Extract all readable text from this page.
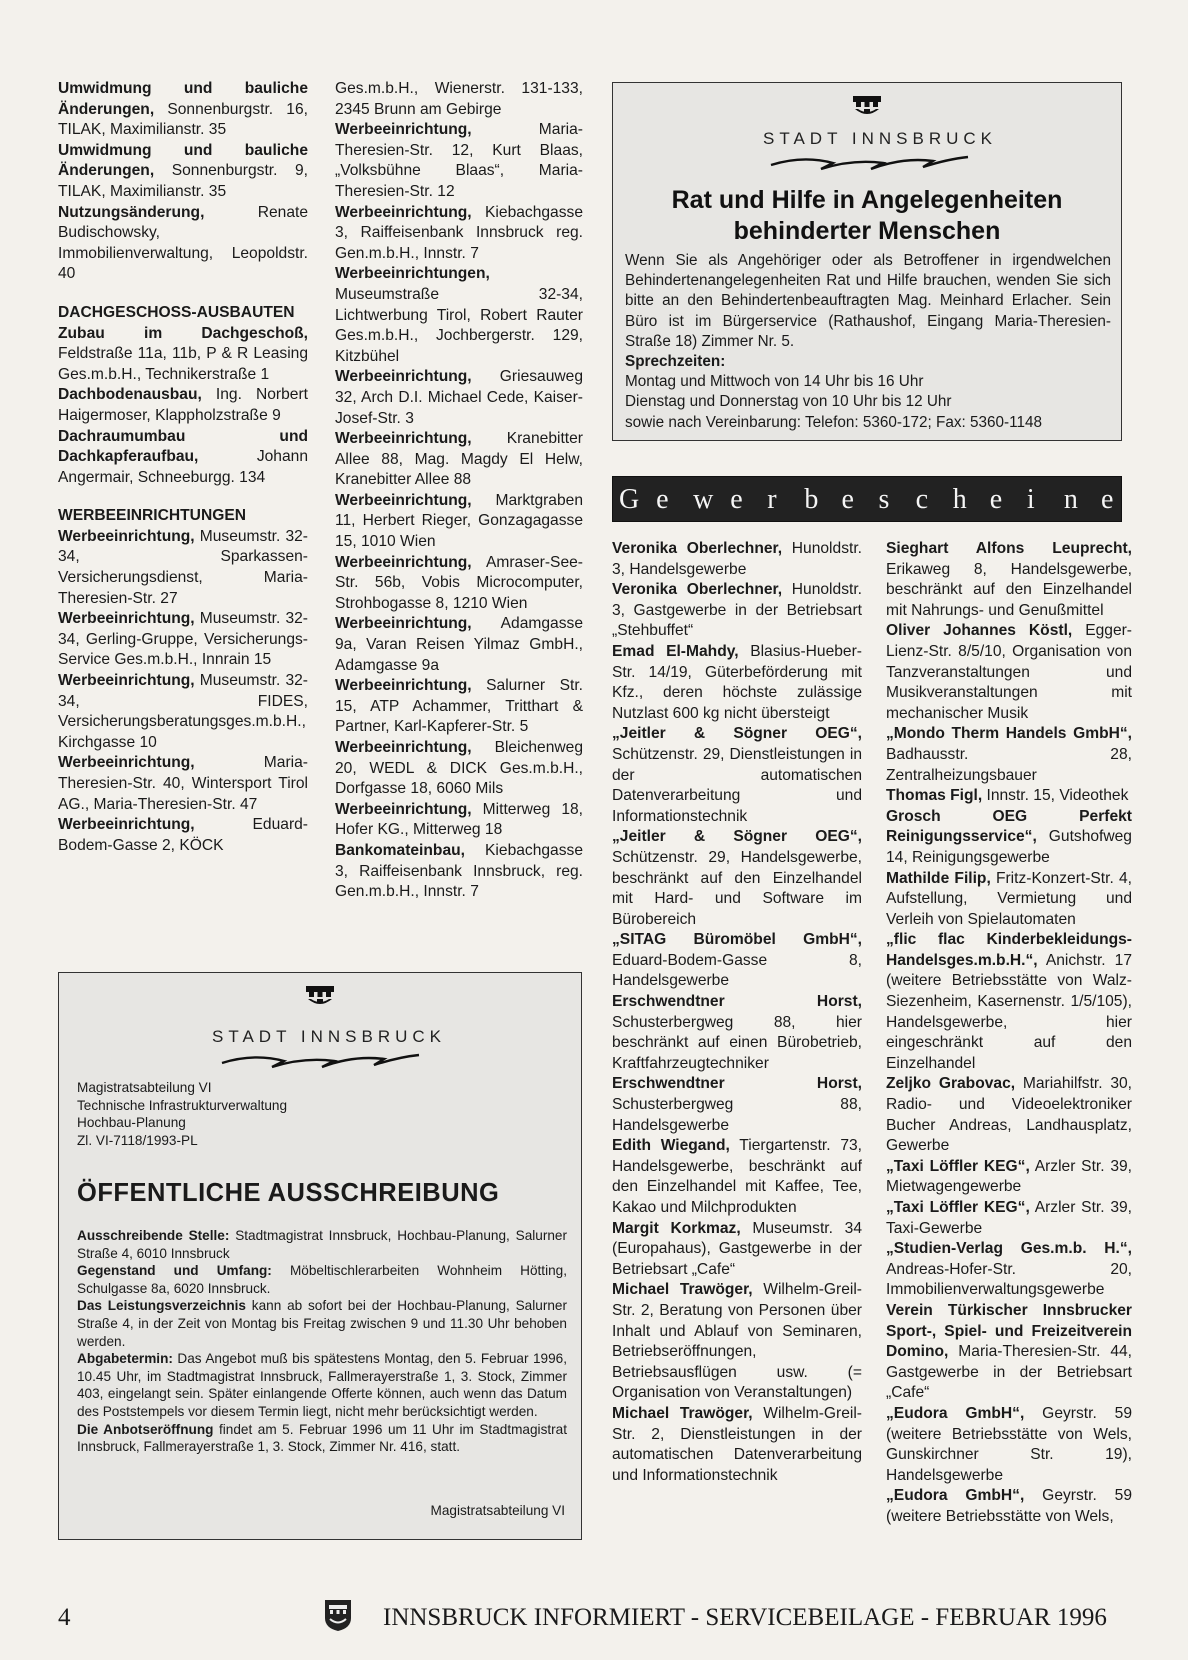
Umwidmung und bauliche Änderungen, Sonnenburgstr. 16, TILAK, Maximilianstr. 35
Umwidmung und bauliche Änderungen, Sonnenburgstr. 9, TILAK, Maximilianstr. 35
Nutzungsänderung, Renate Budischowsky, Immobilienverwaltung, Leopoldstr. 40
DACHGESCHOSS-AUSBAUTEN
Zubau im Dachgeschoß, Feldstraße 11a, 11b, P & R Leasing Ges.m.b.H., Technikerstraße 1
Dachbodenausbau, Ing. Norbert Haigermoser, Klappholzstraße 9
Dachraumumbau und Dachkapferaufbau, Johann Angermair, Schneeburgg. 134
WERBEEINRICHTUNGEN
Werbeeinrichtung, Museumstr. 32-34, Sparkassen-Versicherungsdienst, Maria-Theresien-Str. 27
Werbeeinrichtung, Museumstr. 32-34, Gerling-Gruppe, Versicherungs-Service Ges.m.b.H., Innrain 15
Werbeeinrichtung, Museumstr. 32-34, FIDES, Versicherungsberatungsges.m.b.H., Kirchgasse 10
Werbeeinrichtung, Maria-Theresien-Str. 40, Wintersport Tirol AG., Maria-Theresien-Str. 47
Werbeeinrichtung, Eduard-Bodem-Gasse 2, KÖCK
Ges.m.b.H., Wienerstr. 131-133, 2345 Brunn am Gebirge
Werbeeinrichtung, Maria-Theresien-Str. 12, Kurt Blaas, „Volksbühne Blaas“, Maria-Theresien-Str. 12
Werbeeinrichtung, Kiebachgasse 3, Raiffeisenbank Innsbruck reg. Gen.m.b.H., Innstr. 7
Werbeeinrichtungen, Museumstraße 32-34, Lichtwerbung Tirol, Robert Rauter Ges.m.b.H., Jochbergerstr. 129, Kitzbühel
Werbeeinrichtung, Griesauweg 32, Arch D.I. Michael Cede, Kaiser-Josef-Str. 3
Werbeeinrichtung, Kranebitter Allee 88, Mag. Magdy El Helw, Kranebitter Allee 88
Werbeeinrichtung, Marktgraben 11, Herbert Rieger, Gonzagagasse 15, 1010 Wien
Werbeeinrichtung, Amraser-See-Str. 56b, Vobis Microcomputer, Strohbogasse 8, 1210 Wien
Werbeeinrichtung, Adamgasse 9a, Varan Reisen Yilmaz GmbH., Adamgasse 9a
Werbeeinrichtung, Salurner Str. 15, ATP Achammer, Tritthart & Partner, Karl-Kapferer-Str. 5
Werbeeinrichtung, Bleichenweg 20, WEDL & DICK Ges.m.b.H., Dorfgasse 18, 6060 Mils
Werbeeinrichtung, Mitterweg 18, Hofer KG., Mitterweg 18
Bankomateinbau, Kiebachgasse 3, Raiffeisenbank Innsbruck, reg. Gen.m.b.H., Innstr. 7
STADT INNSBRUCK
Rat und Hilfe in Angelegenheiten behinderter Menschen
Wenn Sie als Angehöriger oder als Betroffener in irgendwelchen Behindertenangelegenheiten Rat und Hilfe brauchen, wenden Sie sich bitte an den Behindertenbeauftragten Mag. Meinhard Erlacher. Sein Büro ist im Bürgerservice (Rathaushof, Eingang Maria-Theresien-Straße 18) Zimmer Nr. 5.
Sprechzeiten:
Montag und Mittwoch von 14 Uhr bis 16 Uhr
Dienstag und Donnerstag von 10 Uhr bis 12 Uhr
sowie nach Vereinbarung: Telefon: 5360-172; Fax: 5360-1148
G e w e r b e s c h e i n e
Veronika Oberlechner, Hunoldstr. 3, Handelsgewerbe
Veronika Oberlechner, Hunoldstr. 3, Gastgewerbe in der Betriebsart „Stehbuffet“
Emad El-Mahdy, Blasius-Hueber-Str. 14/19, Güterbeförderung mit Kfz., deren höchste zulässige Nutzlast 600 kg nicht übersteigt
„Jeitler & Sögner OEG“, Schützenstr. 29, Dienstleistungen in der automatischen Datenverarbeitung und Informationstechnik
„Jeitler & Sögner OEG“, Schützenstr. 29, Handelsgewerbe, beschränkt auf den Einzelhandel mit Hard- und Software im Bürobereich
„SITAG Büromöbel GmbH“, Eduard-Bodem-Gasse 8, Handelsgewerbe
Erschwendtner Horst, Schusterbergweg 88, hier beschränkt auf einen Bürobetrieb, Kraftfahrzeugtechniker
Erschwendtner Horst, Schusterbergweg 88, Handelsgewerbe
Edith Wiegand, Tiergartenstr. 73, Handelsgewerbe, beschränkt auf den Einzelhandel mit Kaffee, Tee, Kakao und Milchprodukten
Margit Korkmaz, Museumstr. 34 (Europahaus), Gastgewerbe in der Betriebsart „Cafe“
Michael Trawöger, Wilhelm-Greil-Str. 2, Beratung von Personen über Inhalt und Ablauf von Seminaren, Betriebseröffnungen, Betriebsausflügen usw. (= Organisation von Veranstaltungen)
Michael Trawöger, Wilhelm-Greil-Str. 2, Dienstleistungen in der automatischen Datenverarbeitung und Informationstechnik
Sieghart Alfons Leuprecht, Erikaweg 8, Handelsgewerbe, beschränkt auf den Einzelhandel mit Nahrungs- und Genußmittel
Oliver Johannes Köstl, Egger-Lienz-Str. 8/5/10, Organisation von Tanzveranstaltungen und Musikveranstaltungen mit mechanischer Musik
„Mondo Therm Handels GmbH“, Badhausstr. 28, Zentralheizungsbauer
Thomas Figl, Innstr. 15, Videothek
Grosch OEG Perfekt Reinigungsservice“, Gutshofweg 14, Reinigungsgewerbe
Mathilde Filip, Fritz-Konzert-Str. 4, Aufstellung, Vermietung und Verleih von Spielautomaten
„flic flac Kinderbekleidungs-Handelsges.m.b.H.“, Anichstr. 17 (weitere Betriebsstätte von Walz-Siezenheim, Kasernenstr. 1/5/105), Handelsgewerbe, hier eingeschränkt auf den Einzelhandel
Zeljko Grabovac, Mariahilfstr. 30, Radio- und Videoelektroniker Bucher Andreas, Landhausplatz, Gewerbe
„Taxi Löffler KEG“, Arzler Str. 39, Mietwagengewerbe
„Taxi Löffler KEG“, Arzler Str. 39, Taxi-Gewerbe
„Studien-Verlag Ges.m.b. H.“, Andreas-Hofer-Str. 20, Immobilienverwaltungsgewerbe
Verein Türkischer Innsbrucker Sport-, Spiel- und Freizeitverein Domino, Maria-Theresien-Str. 44, Gastgewerbe in der Betriebsart „Cafe“
„Eudora GmbH“, Geyrstr. 59 (weitere Betriebsstätte von Wels, Gunskirchner Str. 19), Handelsgewerbe
„Eudora GmbH“, Geyrstr. 59 (weitere Betriebsstätte von Wels,
STADT INNSBRUCK
Magistratsabteilung VI
Technische Infrastrukturverwaltung
Hochbau-Planung
Zl. VI-7118/1993-PL
ÖFFENTLICHE AUSSCHREIBUNG
Ausschreibende Stelle: Stadtmagistrat Innsbruck, Hochbau-Planung, Salurner Straße 4, 6010 Innsbruck
Gegenstand und Umfang: Möbeltischlerarbeiten Wohnheim Hötting, Schulgasse 8a, 6020 Innsbruck.
Das Leistungsverzeichnis kann ab sofort bei der Hochbau-Planung, Salurner Straße 4, in der Zeit von Montag bis Freitag zwischen 9 und 11.30 Uhr behoben werden.
Abgabetermin: Das Angebot muß bis spätestens Montag, den 5. Februar 1996, 10.45 Uhr, im Stadtmagistrat Innsbruck, Fallmerayerstraße 1, 3. Stock, Zimmer 403, eingelangt sein. Später einlangende Offerte können, auch wenn das Datum des Poststempels vor diesem Termin liegt, nicht mehr berücksichtigt werden.
Die Anbotseröffnung findet am 5. Februar 1996 um 11 Uhr im Stadtmagistrat Innsbruck, Fallmerayerstraße 1, 3. Stock, Zimmer Nr. 416, statt.
Magistratsabteilung VI
4	INNSBRUCK INFORMIERT - SERVICEBEILAGE - FEBRUAR 1996
